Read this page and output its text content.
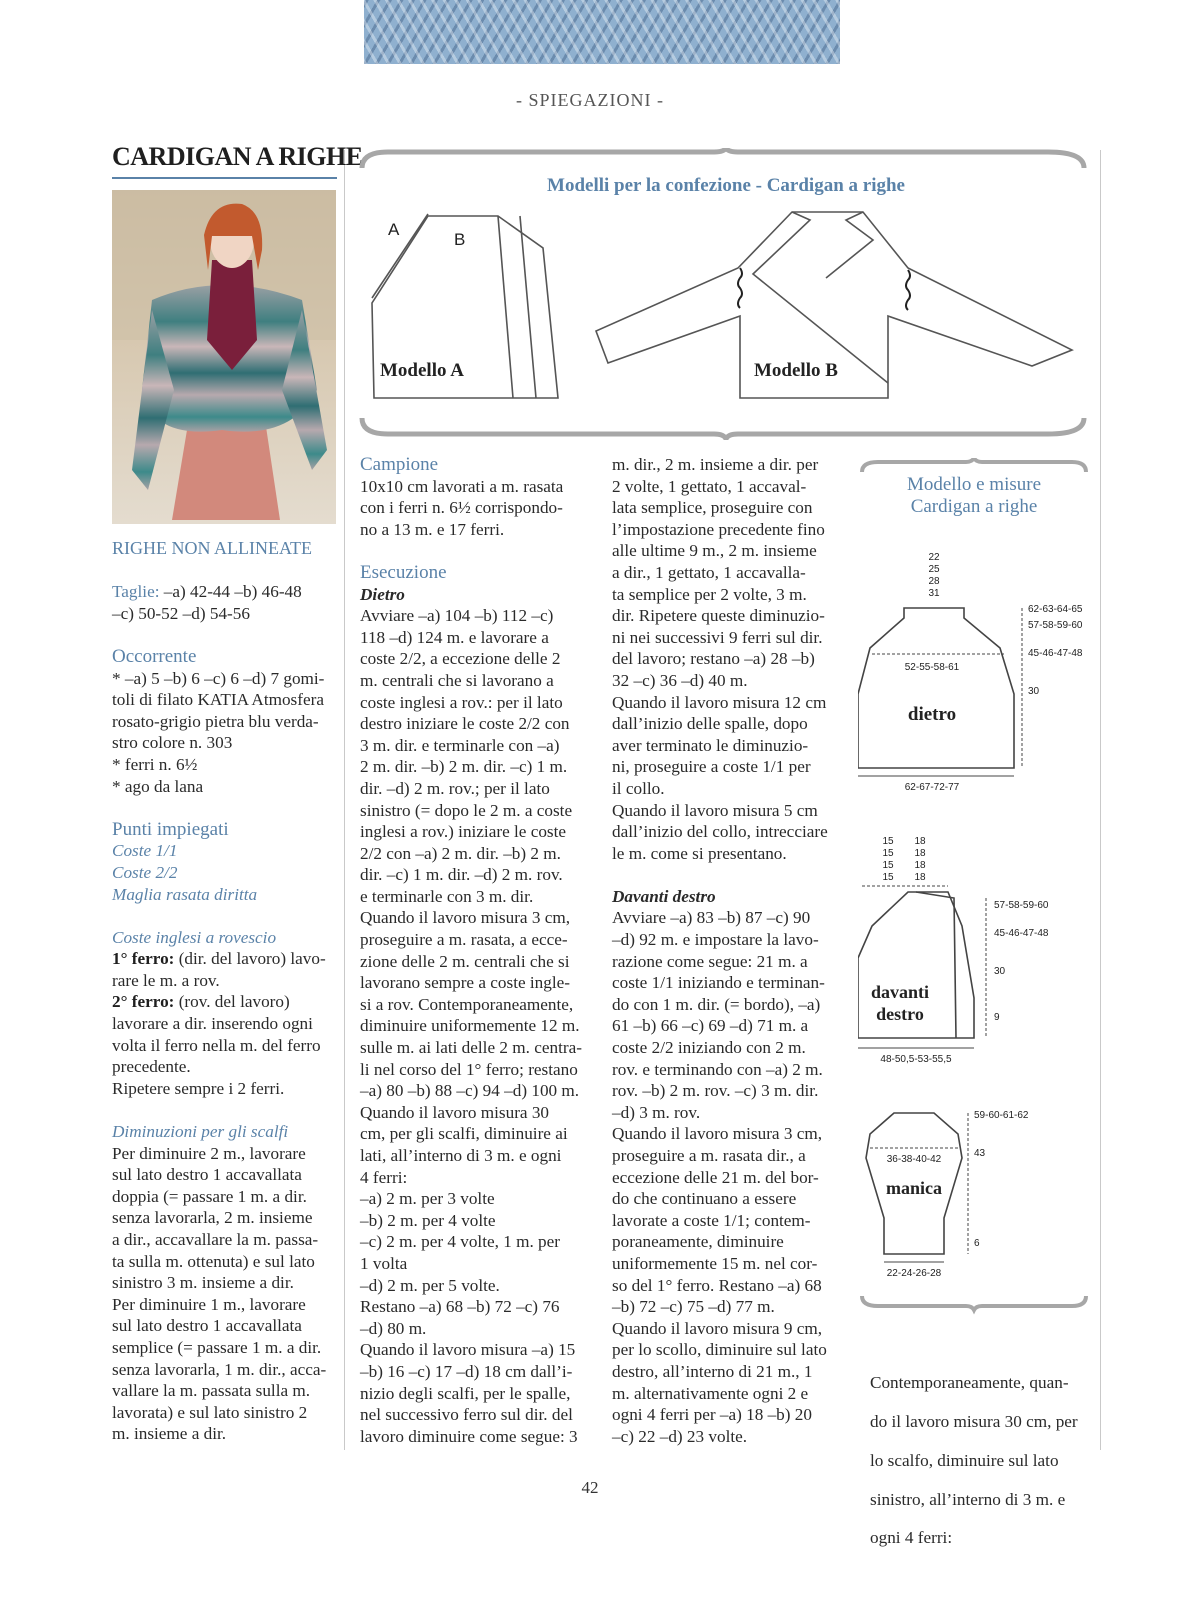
- SPIEGAZIONI -
CARDIGAN A RIGHE

RIGHE NON ALLINEATE

Taglie: –a) 42-44 –b) 46-48

–c) 50-52 –d) 54-56

Occorrente

* –a) 5 –b) 6 –c) 6 –d) 7 gomi-

toli di filato KATIA Atmosfera

rosato-grigio pietra blu verda-

stro colore n. 303

* ferri n. 6½

* ago da lana

Punti impiegati

Coste 1/1

Coste 2/2

Maglia rasata diritta

Coste inglesi a rovescio

1° ferro: (dir. del lavoro) lavo-

rare le m. a rov.

2° ferro: (rov. del lavoro)

lavorare a dir. inserendo ogni

volta il ferro nella m. del ferro

precedente.

Ripetere sempre i 2 ferri.

Diminuzioni per gli scalfi

Per diminuire 2 m., lavorare

sul lato destro 1 accavallata

doppia (= passare 1 m. a dir.

senza lavorarla, 2 m. insieme

a dir., accavallare la m. passa-

ta sulla m. ottenuta) e sul lato

sinistro 3 m. insieme a dir.

Per diminuire 1 m., lavorare

sul lato destro 1 accavallata

semplice (= passare 1 m. a dir.

senza lavorarla, 1 m. dir., acca-

vallare la m. passata sulla m.

lavorata) e sul lato sinistro 2

m. insieme a dir.

Modelli per la confezione - Cardigan a righe
A
B
Modello A	Modello B

Campione

10x10 cm lavorati a m. rasata

con i ferri n. 6½ corrispondo-

no a 13 m. e 17 ferri.

Esecuzione

Dietro

Avviare –a) 104 –b) 112 –c)

118 –d) 124 m. e lavorare a

coste 2/2, a eccezione delle 2

m. centrali che si lavorano a

coste inglesi a rov.: per il lato

destro iniziare le coste 2/2 con

3 m. dir. e terminarle con –a)

2 m. dir. –b) 2 m. dir. –c) 1 m.

dir. –d) 2 m. rov.; per il lato

sinistro (= dopo le 2 m. a coste

inglesi a rov.) iniziare le coste

2/2 con –a) 2 m. dir. –b) 2 m.

dir. –c) 1 m. dir. –d) 2 m. rov.

e terminarle con 3 m. dir.

Quando il lavoro misura 3 cm,

proseguire a m. rasata, a ecce-

zione delle 2 m. centrali che si

lavorano sempre a coste ingle-

si a rov. Contemporaneamente,

diminuire uniformemente 12 m.

sulle m. ai lati delle 2 m. centra-

li nel corso del 1° ferro; restano

–a) 80 –b) 88 –c) 94 –d) 100 m.

Quando il lavoro misura 30

cm, per gli scalfi, diminuire ai

lati, all’interno di 3 m. e ogni

4 ferri:

–a) 2 m. per 3 volte

–b) 2 m. per 4 volte

–c) 2 m. per 4 volte, 1 m. per

1 volta

–d) 2 m. per 5 volte.

Restano –a) 68 –b) 72 –c) 76

–d) 80 m.

Quando il lavoro misura –a) 15

–b) 16 –c) 17 –d) 18 cm dall’i-

nizio degli scalfi, per le spalle,

nel successivo ferro sul dir. del

lavoro diminuire come segue: 3

m. dir., 2 m. insieme a dir. per

2 volte, 1 gettato, 1 accaval-

lata semplice, proseguire con

l’impostazione precedente fino

alle ultime 9 m., 2 m. insieme

a dir., 1 gettato, 1 accavalla-

ta semplice per 2 volte, 3 m.

dir. Ripetere queste diminuzio-

ni nei successivi 9 ferri sul dir.

del lavoro; restano –a) 28 –b)

32 –c) 36 –d) 40 m.

Quando il lavoro misura 12 cm

dall’inizio delle spalle, dopo

aver terminato le diminuzio-

ni, proseguire a coste 1/1 per

il collo.

Quando il lavoro misura 5 cm

dall’inizio del collo, intrecciare

le m. come si presentano.

Davanti destro

Avviare –a) 83 –b) 87 –c) 90

–d) 92 m. e impostare la lavo-

razione come segue: 21 m. a

coste 1/1 iniziando e terminan-

do con 1 m. dir. (= bordo), –a)

61 –b) 66 –c) 69 –d) 71 m. a

coste 2/2 iniziando con 2 m.

rov. e terminando con –a) 2 m.

rov. –b) 2 m. rov. –c) 3 m. dir.

–d) 3 m. rov.

Quando il lavoro misura 3 cm,

proseguire a m. rasata dir., a

eccezione delle 21 m. del bor-

do che continuano a essere

lavorate a coste 1/1; contem-

poraneamente, diminuire

uniformemente 15 m. nel cor-

so del 1° ferro. Restano –a) 68

–b) 72 –c) 75 –d) 77 m.

Quando il lavoro misura 9 cm,

per lo scollo, diminuire sul lato

destro, all’interno di 21 m., 1

m. alternativamente ogni 2 e

ogni 4 ferri per –a) 18 –b) 20

–c) 22 –d) 23 volte.

Modello e misure
Cardigan a righe
22
25
28
31
52-55-58-61
dietro
62-67-72-77
62-63-64-65
57-58-59-60
45-46-47-48
30
15
15
15
15
18
18
18
18
davanti
destro
48-50,5-53-55,5
57-58-59-60
45-46-47-48
30
9
36-38-40-42
manica
22-24-26-28
59-60-61-62
43
6

Contemporaneamente, quan-

do il lavoro misura 30 cm, per

lo scalfo, diminuire sul lato

sinistro, all’interno di 3 m. e

ogni 4 ferri:

42
